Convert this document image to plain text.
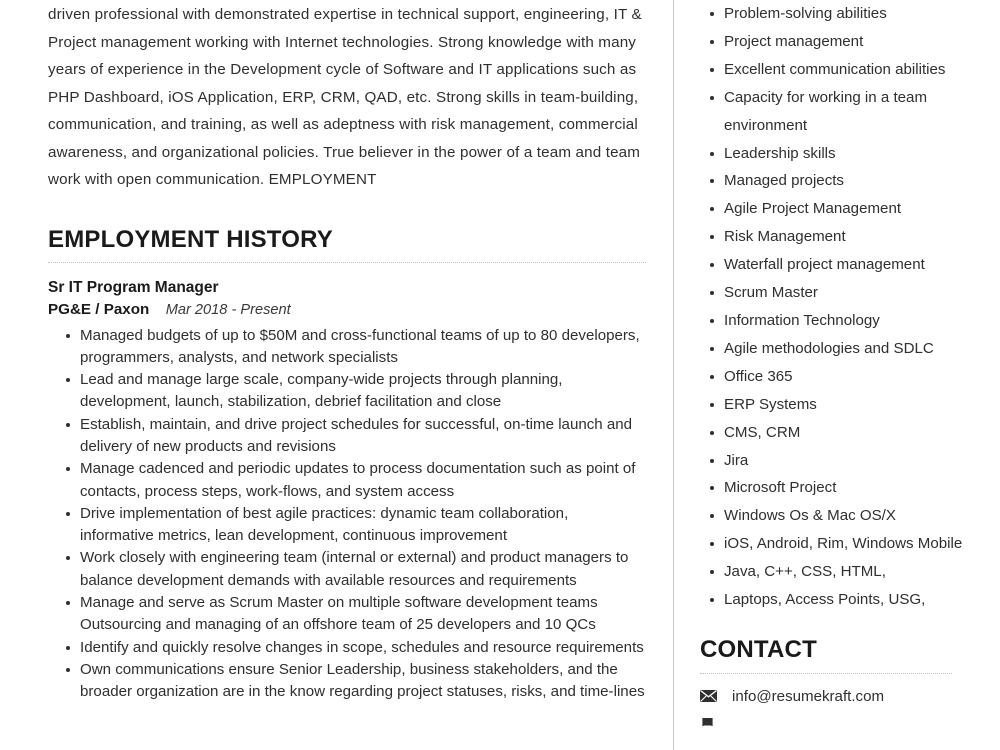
driven professional with demonstrated expertise in technical support, engineering, IT & Project management working with Internet technologies. Strong knowledge with many years of experience in the Development cycle of Software and IT applications such as PHP Dashboard, iOS Application, ERP, CRM, QAD, etc. Strong skills in team-building, communication, and training, as well as adeptness with risk management, commercial awareness, and organizational policies. True believer in the power of a team and team work with open communication. EMPLOYMENT

EMPLOYMENT HISTORY
Sr IT Program Manager
PG&E / Paxon Mar 2018 - Present
Managed budgets of up to $50M and cross-functional teams of up to 80 developers, programmers, analysts, and network specialists
Lead and manage large scale, company-wide projects through planning, development, launch, stabilization, debrief facilitation and close
Establish, maintain, and drive project schedules for successful, on-time launch and delivery of new products and revisions
Manage cadenced and periodic updates to process documentation such as point of contacts, process steps, work-flows, and system access
Drive implementation of best agile practices: dynamic team collaboration, informative metrics, lean development, continuous improvement
Work closely with engineering team (internal or external) and product managers to balance development demands with available resources and requirements
Manage and serve as Scrum Master on multiple software development teams Outsourcing and managing of an offshore team of 25 developers and 10 QCs
Identify and quickly resolve changes in scope, schedules and resource requirements
Own communications ensure Senior Leadership, business stakeholders, and the broader organization are in the know regarding project statuses, risks, and time-lines
Problem-solving abilities
Project management
Excellent communication abilities
Capacity for working in a team environment
Leadership skills
Managed projects
Agile Project Management
Risk Management
Waterfall project management
Scrum Master
Information Technology
Agile methodologies and SDLC
Office 365
ERP Systems
CMS, CRM
Jira
Microsoft Project
Windows Os & Mac OS/X
iOS, Android, Rim, Windows Mobile
Java, C++, CSS, HTML,
Laptops, Access Points, USG,
CONTACT
info@resumekraft.com
